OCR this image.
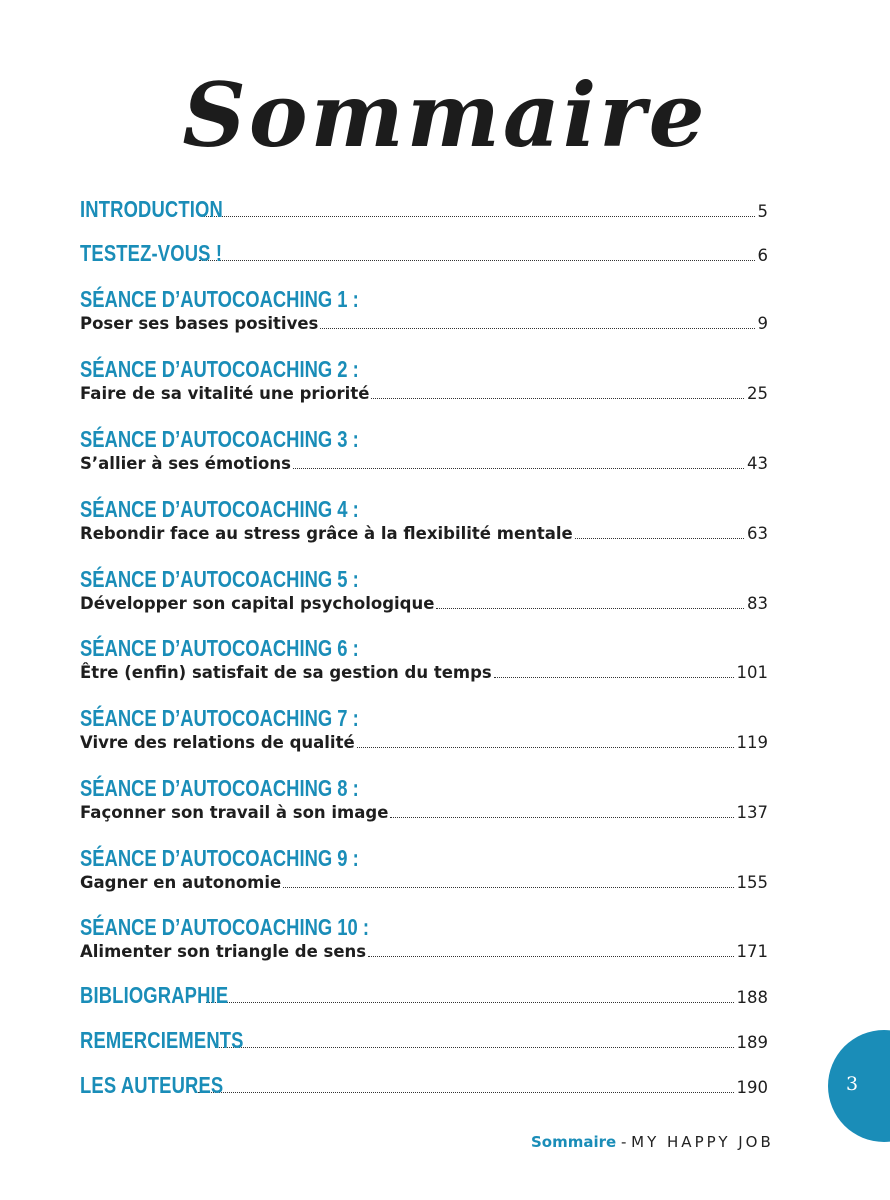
Sommaire
INTRODUCTION	5
TESTEZ-VOUS !	6
SÉANCE D’AUTOCOACHING 1 :
Poser ses bases positives	9
SÉANCE D’AUTOCOACHING 2 :
Faire de sa vitalité une priorité	25
SÉANCE D’AUTOCOACHING 3 :
S’allier à ses émotions	43
SÉANCE D’AUTOCOACHING 4 :
Rebondir face au stress grâce à la flexibilité mentale	63
SÉANCE D’AUTOCOACHING 5 :
Développer son capital psychologique	83
SÉANCE D’AUTOCOACHING 6 :
Être (enfin) satisfait de sa gestion du temps	101
SÉANCE D’AUTOCOACHING 7 :
Vivre des relations de qualité	119
SÉANCE D’AUTOCOACHING 8 :
Façonner son travail à son image	137
SÉANCE D’AUTOCOACHING 9 :
Gagner en autonomie	155
SÉANCE D’AUTOCOACHING 10 :
Alimenter son triangle de sens	171
BIBLIOGRAPHIE	188
REMERCIEMENTS	189
LES AUTEURES	190	3
Sommaire - MY HAPPY JOB
